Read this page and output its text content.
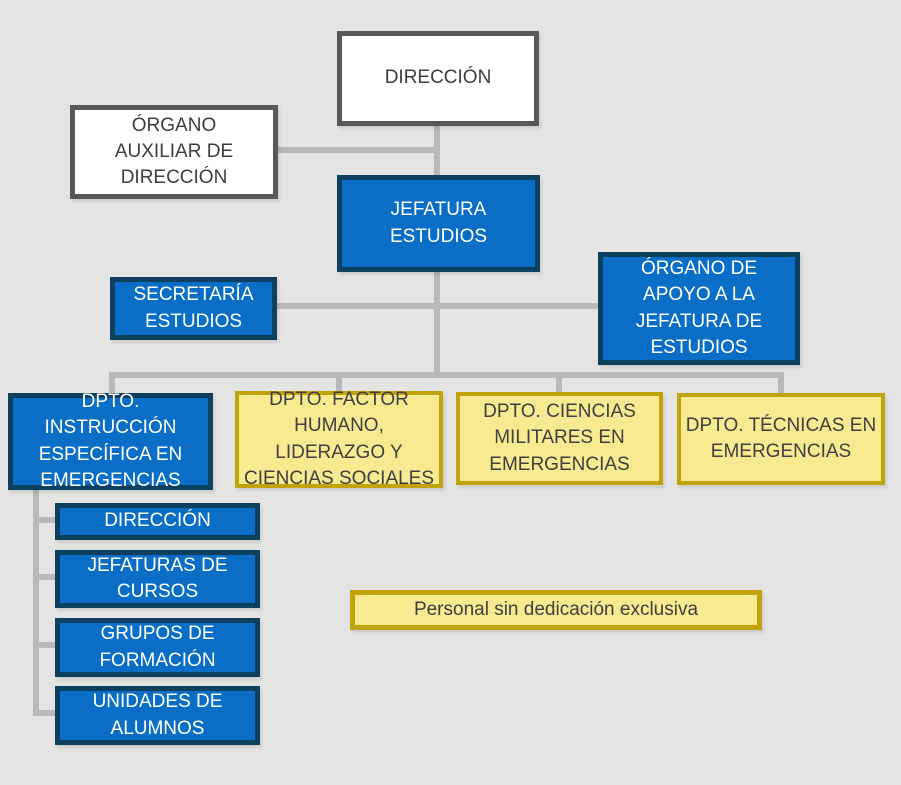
DIRECCIÓN
ÓRGANO AUXILIAR DE DIRECCIÓN
JEFATURA ESTUDIOS
SECRETARÍA ESTUDIOS
ÓRGANO DE APOYO A LA JEFATURA DE ESTUDIOS
DPTO. INSTRUCCIÓN ESPECÍFICA EN EMERGENCIAS
DPTO. FACTOR HUMANO, LIDERAZGO Y CIENCIAS SOCIALES
DPTO. CIENCIAS MILITARES EN EMERGENCIAS
DPTO. TÉCNICAS EN EMERGENCIAS
DIRECCIÓN
JEFATURAS DE CURSOS
GRUPOS DE FORMACIÓN
UNIDADES DE ALUMNOS
Personal sin dedicación exclusiva
